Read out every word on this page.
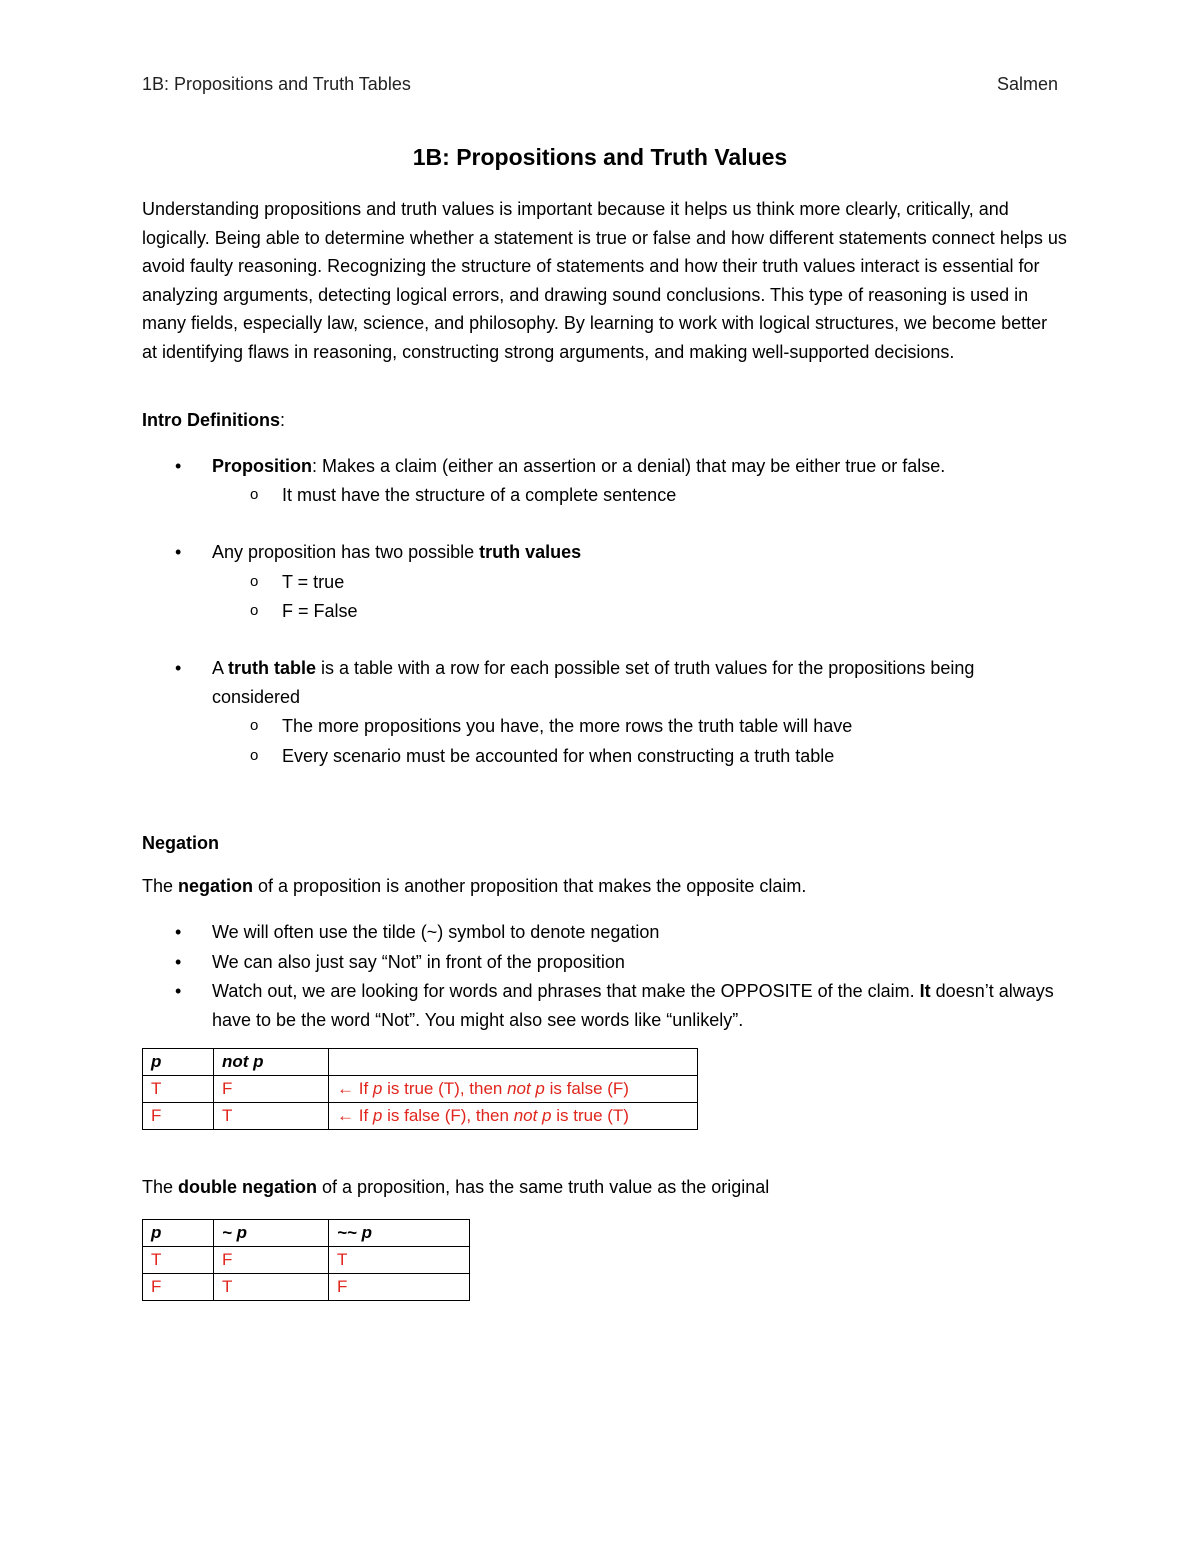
1B: Propositions and Truth Tables	Salmen
1B: Propositions and Truth Values

Understanding propositions and truth values is important because it helps us think more clearly, critically, and logically. Being able to determine whether a statement is true or false and how different statements connect helps us avoid faulty reasoning. Recognizing the structure of statements and how their truth values interact is essential for analyzing arguments, detecting logical errors, and drawing sound conclusions. This type of reasoning is used in many fields, especially law, science, and philosophy. By learning to work with logical structures, we become better at identifying flaws in reasoning, constructing strong arguments, and making well-supported decisions.

Intro Definitions:
• Proposition: Makes a claim (either an assertion or a denial) that may be either true or false.
o It must have the structure of a complete sentence
• Any proposition has two possible truth values
o T = true
o F = False
• A truth table is a table with a row for each possible set of truth values for the propositions being considered
o The more propositions you have, the more rows the truth table will have
o Every scenario must be accounted for when constructing a truth table
Negation
The negation of a proposition is another proposition that makes the opposite claim.
• We will often use the tilde (~) symbol to denote negation
• We can also just say “Not” in front of the proposition
• Watch out, we are looking for words and phrases that make the OPPOSITE of the claim. It doesn’t always have to be the word “Not”. You might also see words like “unlikely”.
p	not p	
T	F	← If p is true (T), then not p is false (F)
F	T	← If p is false (F), then not p is true (T)
The double negation of a proposition, has the same truth value as the original
p	~ p	~~ p
T	F	T
F	T	F
